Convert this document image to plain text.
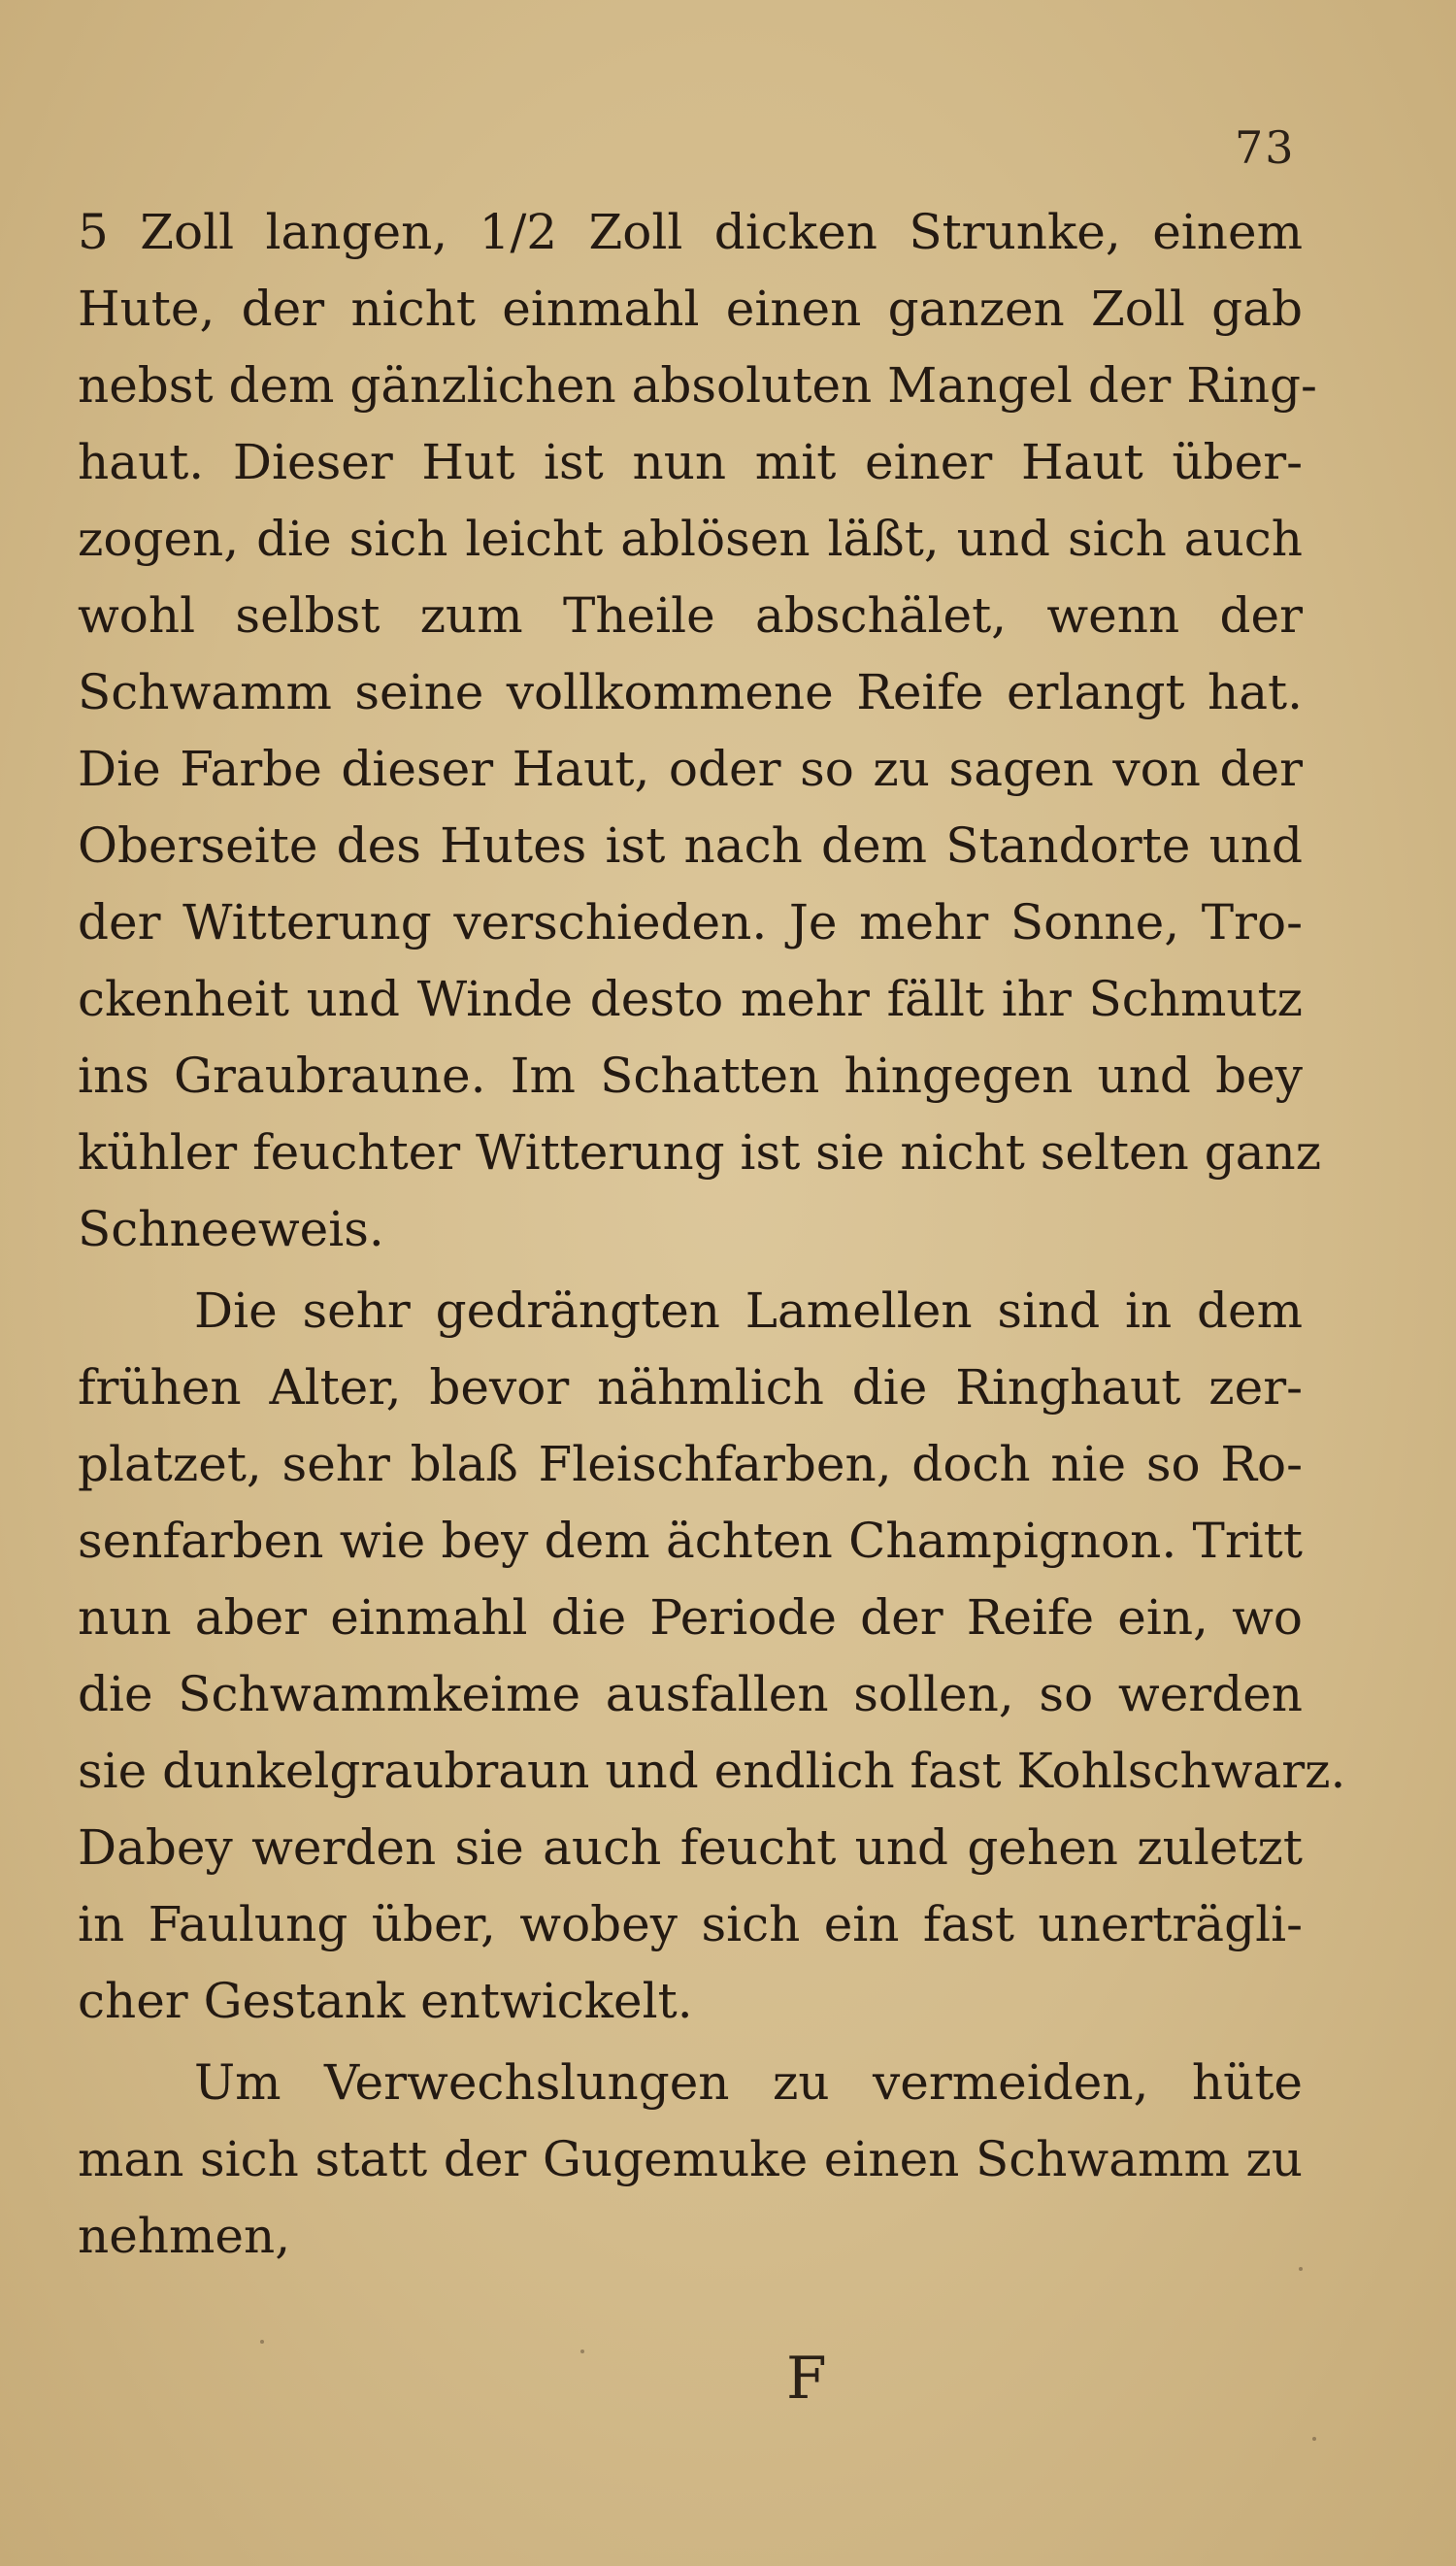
73
5 Zoll langen, 1/2 Zoll dicken Strunke, einem
Hute, der nicht einmahl einen ganzen Zoll gab
nebst dem gänzlichen absoluten Mangel der Ring-
haut. Dieser Hut ist nun mit einer Haut über-
zogen, die sich leicht ablösen läßt, und sich auch
wohl selbst zum Theile abschälet, wenn der
Schwamm seine vollkommene Reife erlangt hat.
Die Farbe dieser Haut, oder so zu sagen von der
Oberseite des Hutes ist nach dem Standorte und
der Witterung verschieden. Je mehr Sonne, Tro-
ckenheit und Winde desto mehr fällt ihr Schmutz
ins Graubraune. Im Schatten hingegen und bey
kühler feuchter Witterung ist sie nicht selten ganz
Schneeweis.
Die sehr gedrängten Lamellen sind in dem
frühen Alter, bevor nähmlich die Ringhaut zer-
platzet, sehr blaß Fleischfarben, doch nie so Ro-
senfarben wie bey dem ächten Champignon. Tritt
nun aber einmahl die Periode der Reife ein, wo
die Schwammkeime ausfallen sollen, so werden
sie dunkelgraubraun und endlich fast Kohlschwarz.
Dabey werden sie auch feucht und gehen zuletzt
in Faulung über, wobey sich ein fast unerträgli-
cher Gestank entwickelt.
Um Verwechslungen zu vermeiden, hüte
man sich statt der Gugemuke einen Schwamm zu
nehmen,
F
